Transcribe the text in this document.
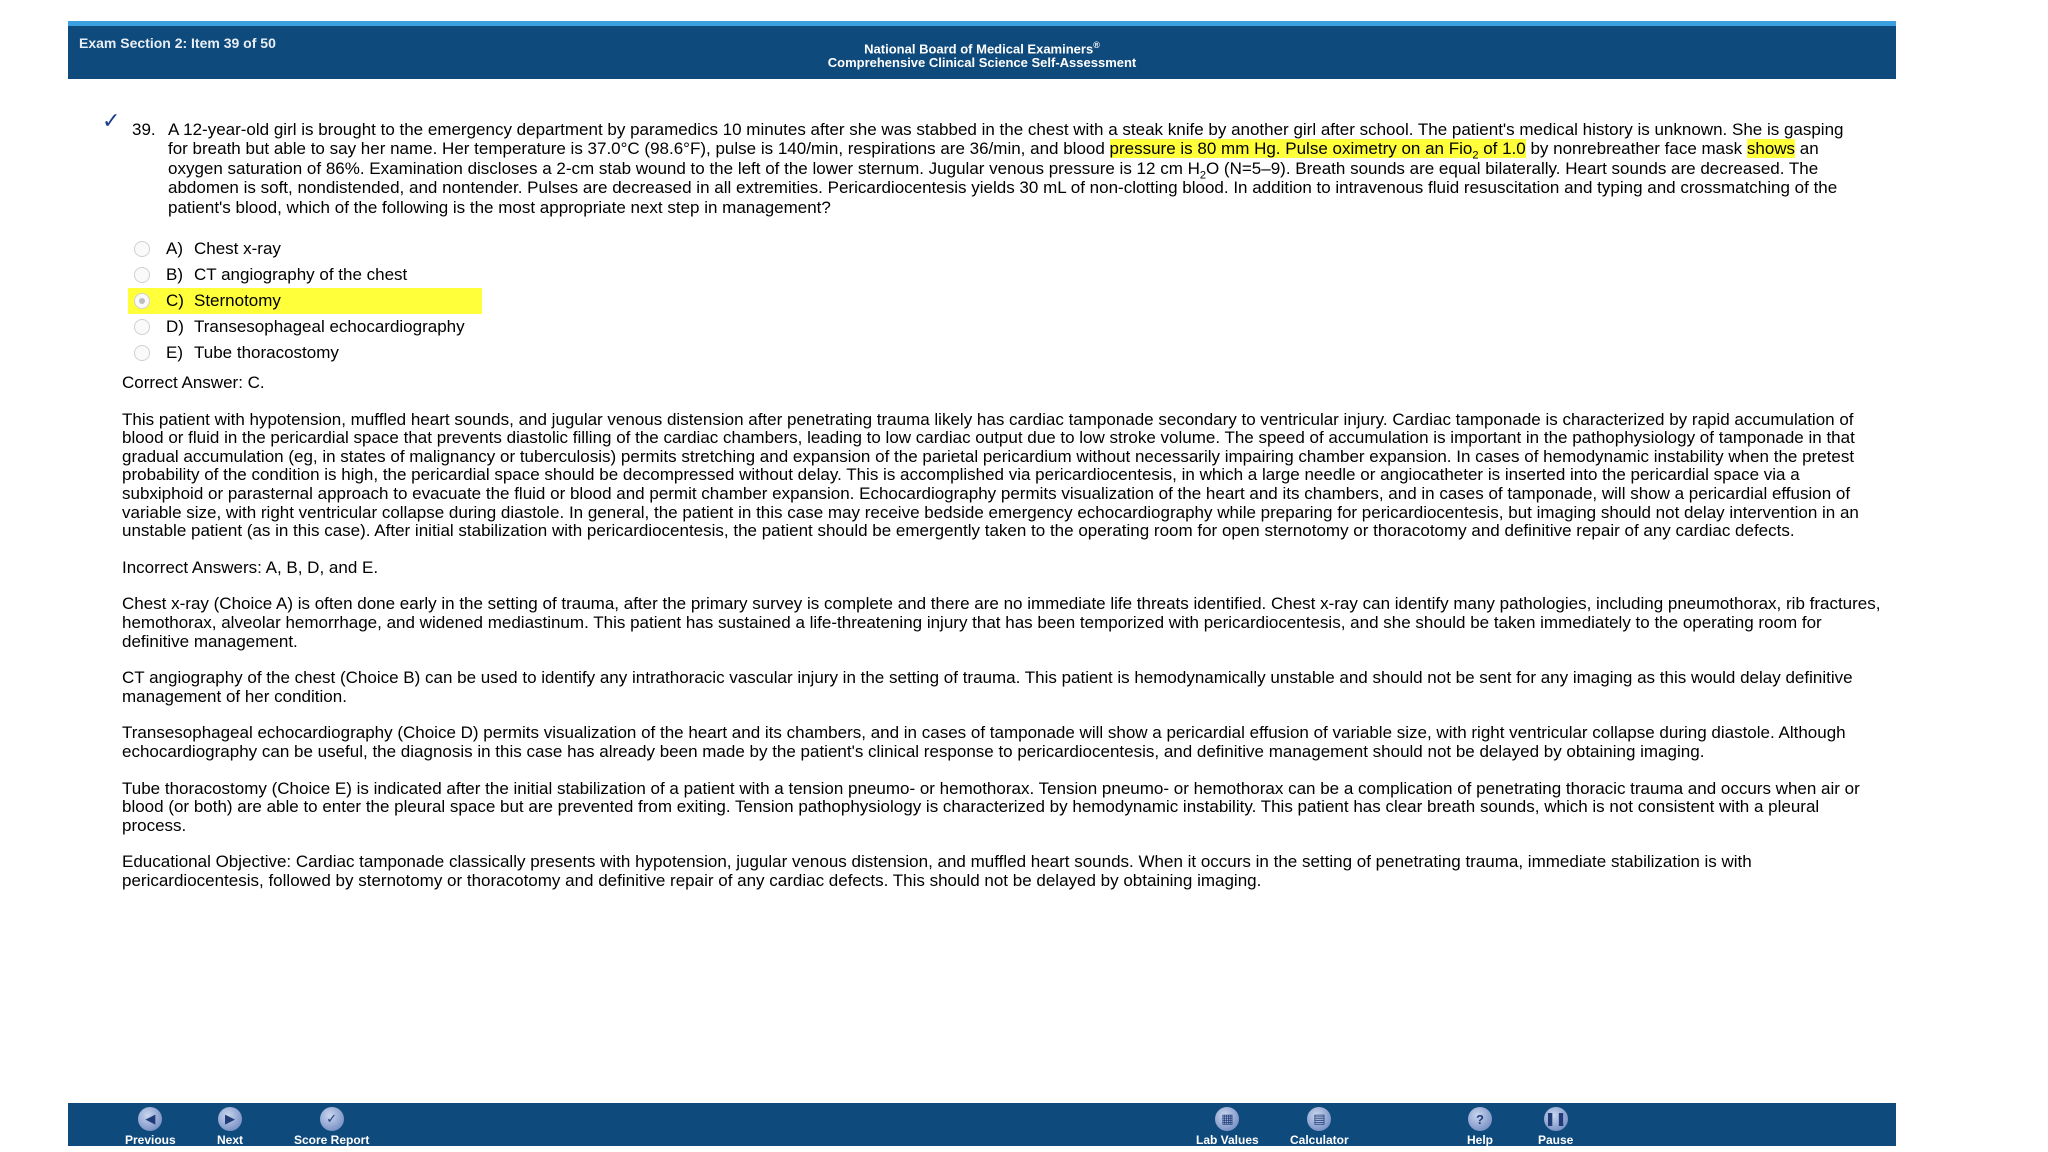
Exam Section 2: Item 39 of 50	National Board of Medical Examiners®
Comprehensive Clinical Science Self-Assessment
✓ 39. A 12-year-old girl is brought to the emergency department by paramedics 10 minutes after she was stabbed in the chest with a steak knife by another girl after school. The patient's medical history is unknown. She is gasping for breath but able to say her name. Her temperature is 37.0°C (98.6°F), pulse is 140/min, respirations are 36/min, and blood pressure is 80 mm Hg. Pulse oximetry on an Fio$_2$ of 1.0 by nonrebreather face mask shows an oxygen saturation of 86%. Examination discloses a 2-cm stab wound to the left of the lower sternum. Jugular venous pressure is 12 cm $H_2O$ (N=5–9). Breath sounds are equal bilaterally. Heart sounds are decreased. The abdomen is soft, nondistended, and nontender. Pulses are decreased in all extremities. Pericardiocentesis yields 30 mL of non-clotting blood. In addition to intravenous fluid resuscitation and typing and crossmatching of the patient's blood, which of the following is the most appropriate next step in management?
A) Chest x-ray
B) CT angiography of the chest
C) Sternotomy
D) Transesophageal echocardiography
E) Tube thoracostomy

Correct Answer: C.

This patient with hypotension, muffled heart sounds, and jugular venous distension after penetrating trauma likely has cardiac tamponade secondary to ventricular injury. Cardiac tamponade is characterized by rapid accumulation of blood or fluid in the pericardial space that prevents diastolic filling of the cardiac chambers, leading to low cardiac output due to low stroke volume. The speed of accumulation is important in the pathophysiology of tamponade in that gradual accumulation (eg, in states of malignancy or tuberculosis) permits stretching and expansion of the parietal pericardium without necessarily impairing chamber expansion. In cases of hemodynamic instability when the pretest probability of the condition is high, the pericardial space should be decompressed without delay. This is accomplished via pericardiocentesis, in which a large needle or angiocatheter is inserted into the pericardial space via a subxiphoid or parasternal approach to evacuate the fluid or blood and permit chamber expansion. Echocardiography permits visualization of the heart and its chambers, and in cases of tamponade, will show a pericardial effusion of variable size, with right ventricular collapse during diastole. In general, the patient in this case may receive bedside emergency echocardiography while preparing for pericardiocentesis, but imaging should not delay intervention in an unstable patient (as in this case). After initial stabilization with pericardiocentesis, the patient should be emergently taken to the operating room for open sternotomy or thoracotomy and definitive repair of any cardiac defects.

Incorrect Answers: A, B, D, and E.

Chest x-ray (Choice A) is often done early in the setting of trauma, after the primary survey is complete and there are no immediate life threats identified. Chest x-ray can identify many pathologies, including pneumothorax, rib fractures, hemothorax, alveolar hemorrhage, and widened mediastinum. This patient has sustained a life-threatening injury that has been temporized with pericardiocentesis, and she should be taken immediately to the operating room for definitive management.

CT angiography of the chest (Choice B) can be used to identify any intrathoracic vascular injury in the setting of trauma. This patient is hemodynamically unstable and should not be sent for any imaging as this would delay definitive management of her condition.

Transesophageal echocardiography (Choice D) permits visualization of the heart and its chambers, and in cases of tamponade will show a pericardial effusion of variable size, with right ventricular collapse during diastole. Although echocardiography can be useful, the diagnosis in this case has already been made by the patient's clinical response to pericardiocentesis, and definitive management should not be delayed by obtaining imaging.

Tube thoracostomy (Choice E) is indicated after the initial stabilization of a patient with a tension pneumo- or hemothorax. Tension pneumo- or hemothorax can be a complication of penetrating thoracic trauma and occurs when air or blood (or both) are able to enter the pleural space but are prevented from exiting. Tension pathophysiology is characterized by hemodynamic instability. This patient has clear breath sounds, which is not consistent with a pleural process.

Educational Objective: Cardiac tamponade classically presents with hypotension, jugular venous distension, and muffled heart sounds. When it occurs in the setting of penetrating trauma, immediate stabilization is with pericardiocentesis, followed by sternotomy or thoracotomy and definitive repair of any cardiac defects. This should not be delayed by obtaining imaging.

◀
Previous
▶
Next
✓
Score Report
▦
Lab Values
▤
Calculator
?
Help
❚❚
Pause
